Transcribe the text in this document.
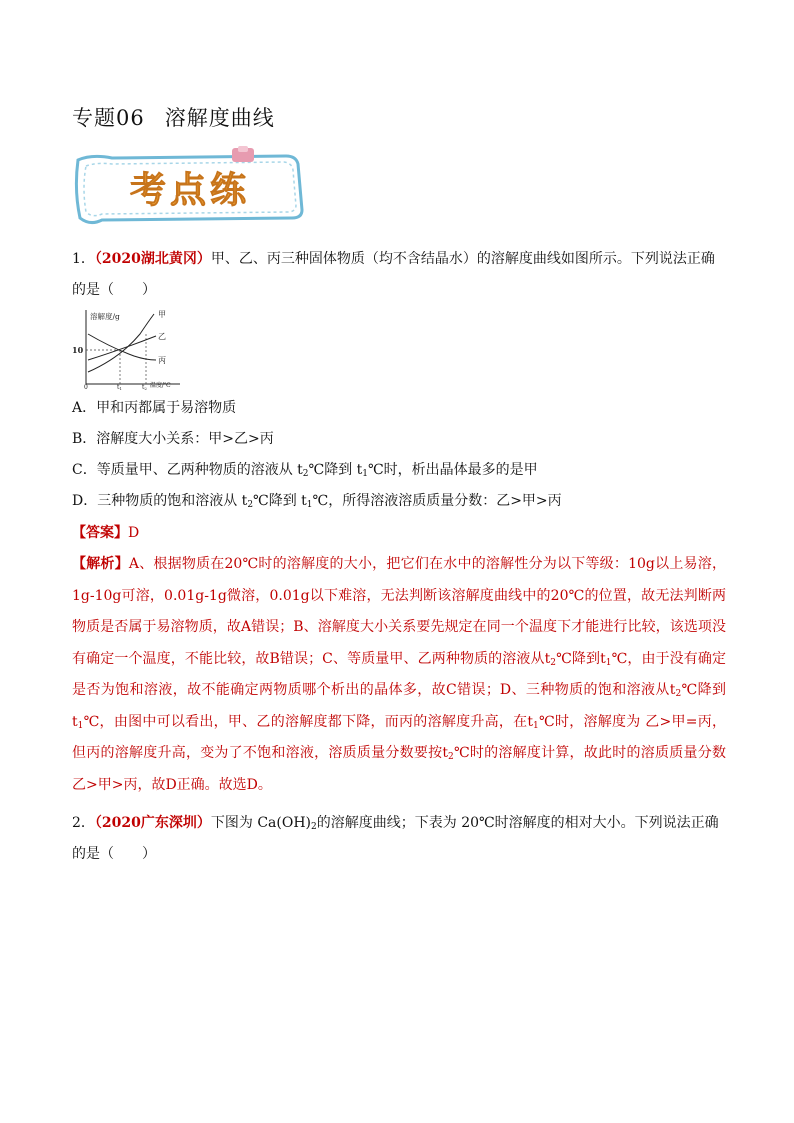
专题06 溶解度曲线
考点练
1．（2020湖北黄冈）甲、乙、丙三种固体物质（均不含结晶水）的溶解度曲线如图所示。下列说法正确的是（　　）
溶解度/g
10
0
甲
乙
丙
t1	t2 温度/℃
A．甲和丙都属于易溶物质
B．溶解度大小关系：甲>乙>丙
C．等质量甲、乙两种物质的溶液从 $t_2℃$降到 $t_1℃$时，析出晶体最多的是甲
D．三种物质的饱和溶液从 $t_2℃$降到 $t_1℃$，所得溶液溶质质量分数：乙>甲>丙
【答案】D
【解析】A、根据物质在20℃时的溶解度的大小，把它们在水中的溶解性分为以下等级：10g以上易溶，1g-10g可溶，0.01g-1g微溶，0.01g以下难溶，无法判断该溶解度曲线中的20℃的位置，故无法判断两物质是否属于易溶物质，故A错误；B、溶解度大小关系要先规定在同一个温度下才能进行比较，该选项没有确定一个温度，不能比较，故B错误；C、等质量甲、乙两种物质的溶液从$t_2℃$降到$t_1℃$，由于没有确定是否为饱和溶液，故不能确定两物质哪个析出的晶体多，故C错误；D、三种物质的饱和溶液从$t_2℃$降到$t_1℃$，由图中可以看出，甲、乙的溶解度都下降，而丙的溶解度升高，在$t_1℃$时，溶解度为 乙>甲=丙，但丙的溶解度升高，变为了不饱和溶液，溶质质量分数要按$t_2℃$时的溶解度计算，故此时的溶质质量分数乙>甲>丙，故D正确。故选D。
2．（2020广东深圳）下图为 $Ca(OH)_2$的溶解度曲线；下表为 20℃时溶解度的相对大小。下列说法正确的是（　　）
